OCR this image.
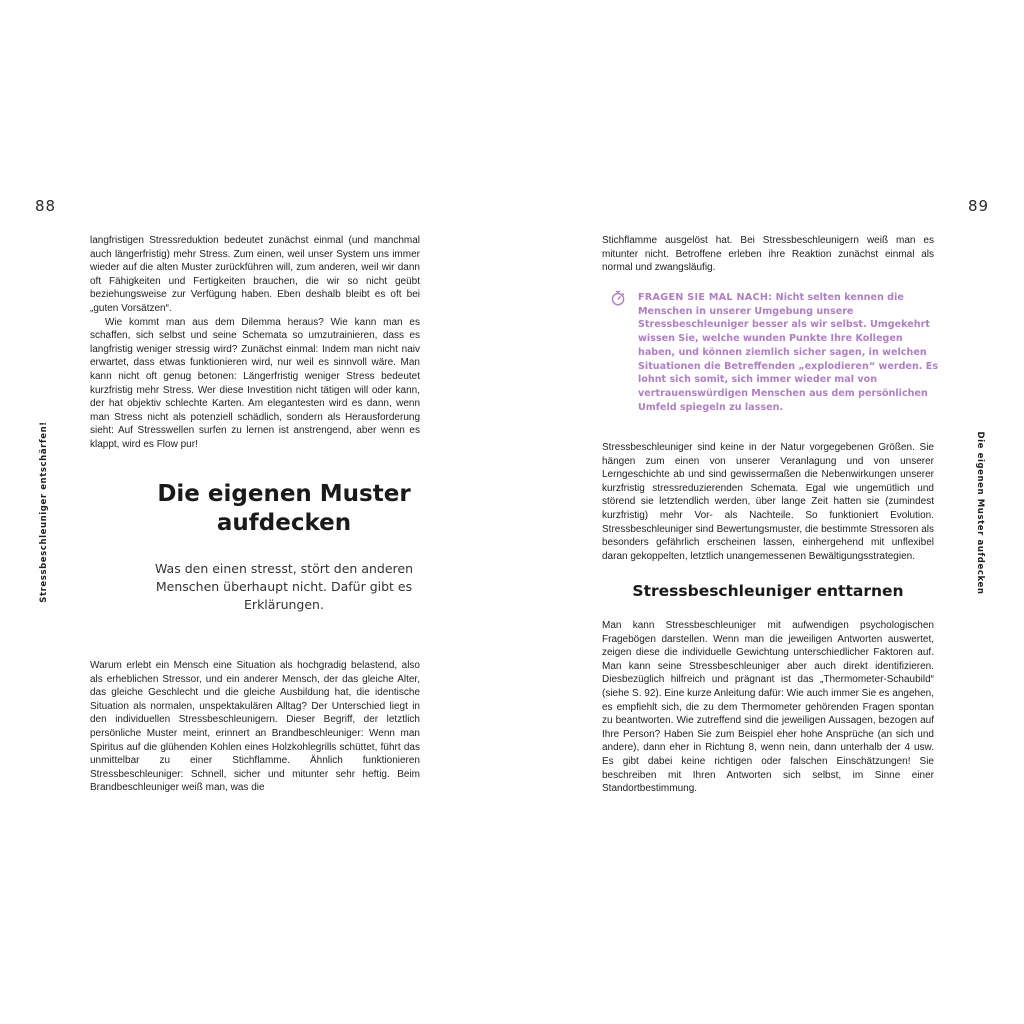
88
Stressbeschleuniger entschärfen!

langfristigen Stressreduktion bedeutet zunächst einmal (und manchmal auch längerfristig) mehr Stress. Zum einen, weil unser System uns immer wieder auf die alten Muster zurückführen will, zum anderen, weil wir dann oft Fähigkeiten und Fertigkeiten brauchen, die wir so nicht geübt beziehungsweise zur Verfügung haben. Eben deshalb bleibt es oft bei „guten Vorsätzen“.

Wie kommt man aus dem Dilemma heraus? Wie kann man es schaffen, sich selbst und seine Schemata so umzutrainieren, dass es langfristig weniger stressig wird? Zunächst einmal: Indem man nicht naiv erwartet, dass etwas funktionieren wird, nur weil es sinnvoll wäre. Man kann nicht oft genug betonen: Längerfristig weniger Stress bedeutet kurzfristig mehr Stress. Wer diese Investition nicht tätigen will oder kann, der hat objektiv schlechte Karten. Am elegantesten wird es dann, wenn man Stress nicht als potenziell schädlich, sondern als Herausforderung sieht: Auf Stresswellen surfen zu lernen ist anstrengend, aber wenn es klappt, wird es Flow pur!

Die eigenen Muster
aufdecken

Was den einen stresst, stört den anderen Menschen überhaupt nicht. Dafür gibt es Erklärungen.

Warum erlebt ein Mensch eine Situation als hochgradig belastend, also als erheblichen Stressor, und ein anderer Mensch, der das gleiche Alter, das gleiche Geschlecht und die gleiche Ausbildung hat, die identische Situation als normalen, unspektakulären Alltag? Der Unterschied liegt in den individuellen Stressbeschleunigern. Dieser Begriff, der letztlich persönliche Muster meint, erinnert an Brandbeschleuniger: Wenn man Spiritus auf die glühenden Kohlen eines Holzkohlegrills schüttet, führt das unmittelbar zu einer Stichflamme. Ähnlich funktionieren Stressbeschleuniger: Schnell, sicher und mitunter sehr heftig. Beim Brandbeschleuniger weiß man, was die

89
Die eigenen Muster aufdecken

Stichflamme ausgelöst hat. Bei Stressbeschleunigern weiß man es mitunter nicht. Betroffene erleben ihre Reaktion zunächst einmal als normal und zwangsläufig.

FRAGEN SIE MAL NACH: Nicht selten kennen die Menschen in unserer Umgebung unsere Stressbeschleuniger besser als wir selbst. Umgekehrt wissen Sie, welche wunden Punkte Ihre Kollegen haben, und können ziemlich sicher sagen, in welchen Situationen die Betreffenden „explodieren“ werden. Es lohnt sich somit, sich immer wieder mal von vertrauenswürdigen Menschen aus dem persönlichen Umfeld spiegeln zu lassen.

Stressbeschleuniger sind keine in der Natur vorgegebenen Größen. Sie hängen zum einen von unserer Veranlagung und von unserer Lerngeschichte ab und sind gewissermaßen die Nebenwirkungen unserer kurzfristig stressreduzierenden Schemata. Egal wie ungemütlich und störend sie letztendlich werden, über lange Zeit hatten sie (zumindest kurzfristig) mehr Vor- als Nachteile. So funktioniert Evolution. Stressbeschleuniger sind Bewertungsmuster, die bestimmte Stressoren als besonders gefährlich erscheinen lassen, einhergehend mit unflexibel daran gekoppelten, letztlich unangemessenen Bewältigungsstrategien.

Stressbeschleuniger enttarnen

Man kann Stressbeschleuniger mit aufwendigen psychologischen Fragebögen darstellen. Wenn man die jeweiligen Antworten auswertet, zeigen diese die individuelle Gewichtung unterschiedlicher Faktoren auf. Man kann seine Stressbeschleuniger aber auch direkt identifizieren. Diesbezüglich hilfreich und prägnant ist das „Thermometer-Schaubild“ (siehe S. 92). Eine kurze Anleitung dafür: Wie auch immer Sie es angehen, es empfiehlt sich, die zu dem Thermometer gehörenden Fragen spontan zu beantworten. Wie zutreffend sind die jeweiligen Aussagen, bezogen auf Ihre Person? Haben Sie zum Beispiel eher hohe Ansprüche (an sich und andere), dann eher in Richtung 8, wenn nein, dann unterhalb der 4 usw. Es gibt dabei keine richtigen oder falschen Einschätzungen! Sie beschreiben mit Ihren Antworten sich selbst, im Sinne einer Standortbestimmung.
